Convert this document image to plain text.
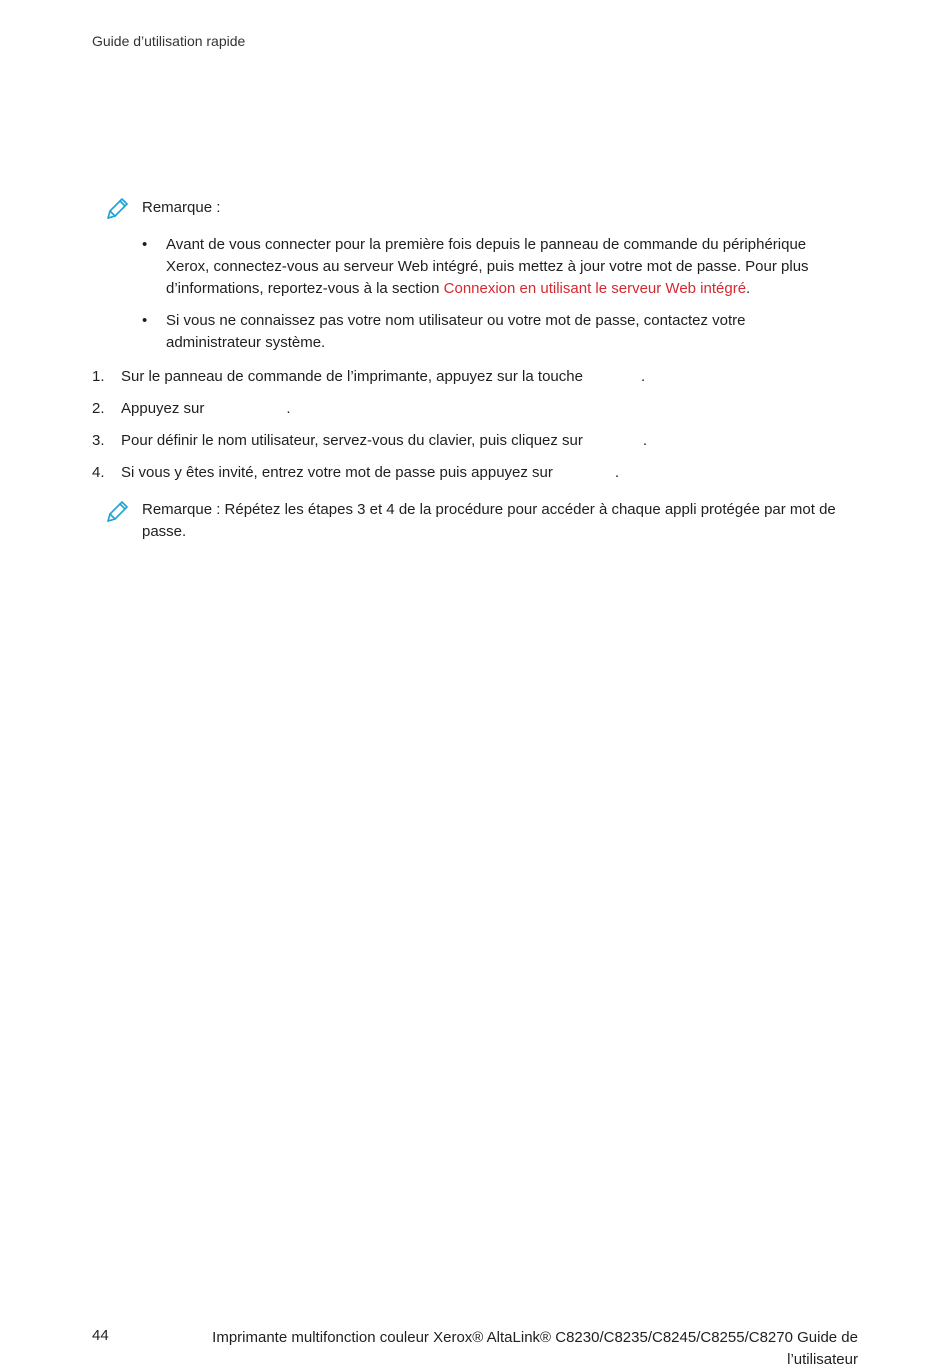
Guide d’utilisation rapide
Remarque :
• Avant de vous connecter pour la première fois depuis le panneau de commande du périphérique Xerox, connectez-vous au serveur Web intégré, puis mettez à jour votre mot de passe. Pour plus d’informations, reportez-vous à la section Connexion en utilisant le serveur Web intégré.
• Si vous ne connaissez pas votre nom utilisateur ou votre mot de passe, contactez votre administrateur système.
1. Sur le panneau de commande de l’imprimante, appuyez sur la touche	.
2. Appuyez sur	.
3. Pour définir le nom utilisateur, servez-vous du clavier, puis cliquez sur	.
4. Si vous y êtes invité, entrez votre mot de passe puis appuyez sur	.
Remarque : Répétez les étapes 3 et 4 de la procédure pour accéder à chaque appli protégée par mot de passe.
44	Imprimante multifonction couleur Xerox® AltaLink® C8230/C8235/C8245/C8255/C8270 Guide de
l’utilisateur
